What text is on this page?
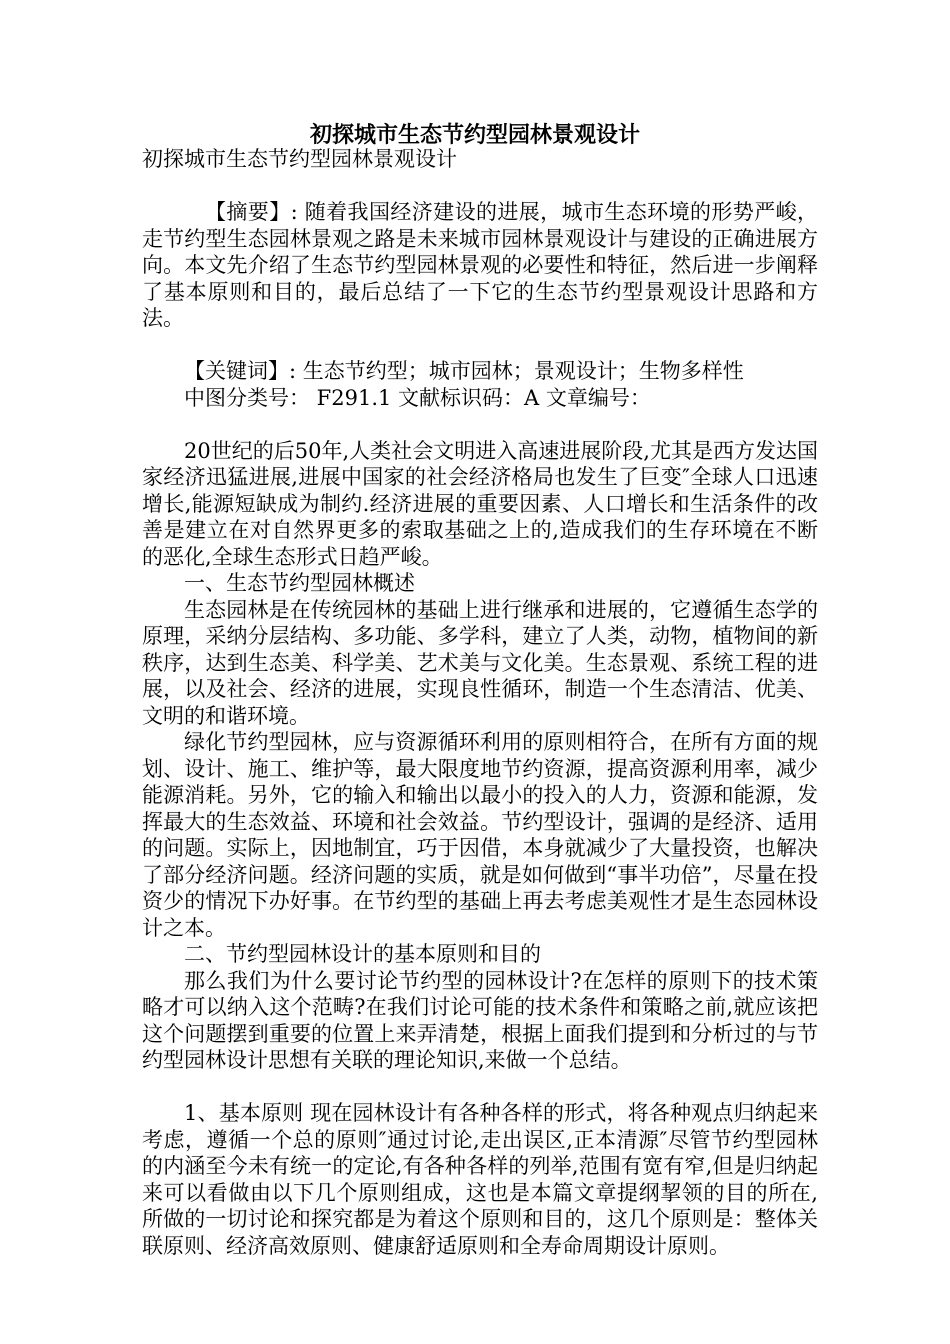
初探城市生态节约型园林景观设计

初探城市生态节约型园林景观设计

【摘要】: 随着我国经济建设的进展，城市生态环境的形势严峻，走节约型生态园林景观之路是未来城市园林景观设计与建设的正确进展方向。本文先介绍了生态节约型园林景观的必要性和特征，然后进一步阐释了基本原则和目的，最后总结了一下它的生态节约型景观设计思路和方法。

【关键词】: 生态节约型；城市园林；景观设计；生物多样性

中图分类号： F291.1 文献标识码：A 文章编号：

20世纪的后50年,人类社会文明进入高速进展阶段,尤其是西方发达国家经济迅猛进展,进展中国家的社会经济格局也发生了巨变″全球人口迅速增长,能源短缺成为制约.经济进展的重要因素、人口增长和生活条件的改善是建立在对自然界更多的索取基础之上的,造成我们的生存环境在不断的恶化,全球生态形式日趋严峻。

一、生态节约型园林概述

生态园林是在传统园林的基础上进行继承和进展的，它遵循生态学的原理，采纳分层结构、多功能、多学科，建立了人类，动物，植物间的新秩序，达到生态美、科学美、艺术美与文化美。生态景观、系统工程的进展，以及社会、经济的进展，实现良性循环，制造一个生态清洁、优美、文明的和谐环境。

绿化节约型园林，应与资源循环利用的原则相符合，在所有方面的规划、设计、施工、维护等，最大限度地节约资源，提高资源利用率，减少能源消耗。另外，它的输入和输出以最小的投入的人力，资源和能源，发挥最大的生态效益、环境和社会效益。节约型设计，强调的是经济、适用的问题。实际上，因地制宜，巧于因借，本身就减少了大量投资，也解决了部分经济问题。经济问题的实质，就是如何做到“事半功倍”，尽量在投资少的情况下办好事。在节约型的基础上再去考虑美观性才是生态园林设计之本。

二、节约型园林设计的基本原则和目的

那么我们为什么要讨论节约型的园林设计?在怎样的原则下的技术策略才可以纳入这个范畴?在我们讨论可能的技术条件和策略之前,就应该把这个问题摆到重要的位置上来弄清楚，根据上面我们提到和分析过的与节约型园林设计思想有关联的理论知识,来做一个总结。

1、基本原则 现在园林设计有各种各样的形式，将各种观点归纳起来考虑，遵循一个总的原则″通过讨论,走出误区,正本清源″尽管节约型园林的内涵至今未有统一的定论,有各种各样的列举,范围有宽有窄,但是归纳起来可以看做由以下几个原则组成，这也是本篇文章提纲挈领的目的所在,所做的一切讨论和探究都是为着这个原则和目的，这几个原则是：整体关联原则、经济高效原则、健康舒适原则和全寿命周期设计原则。
